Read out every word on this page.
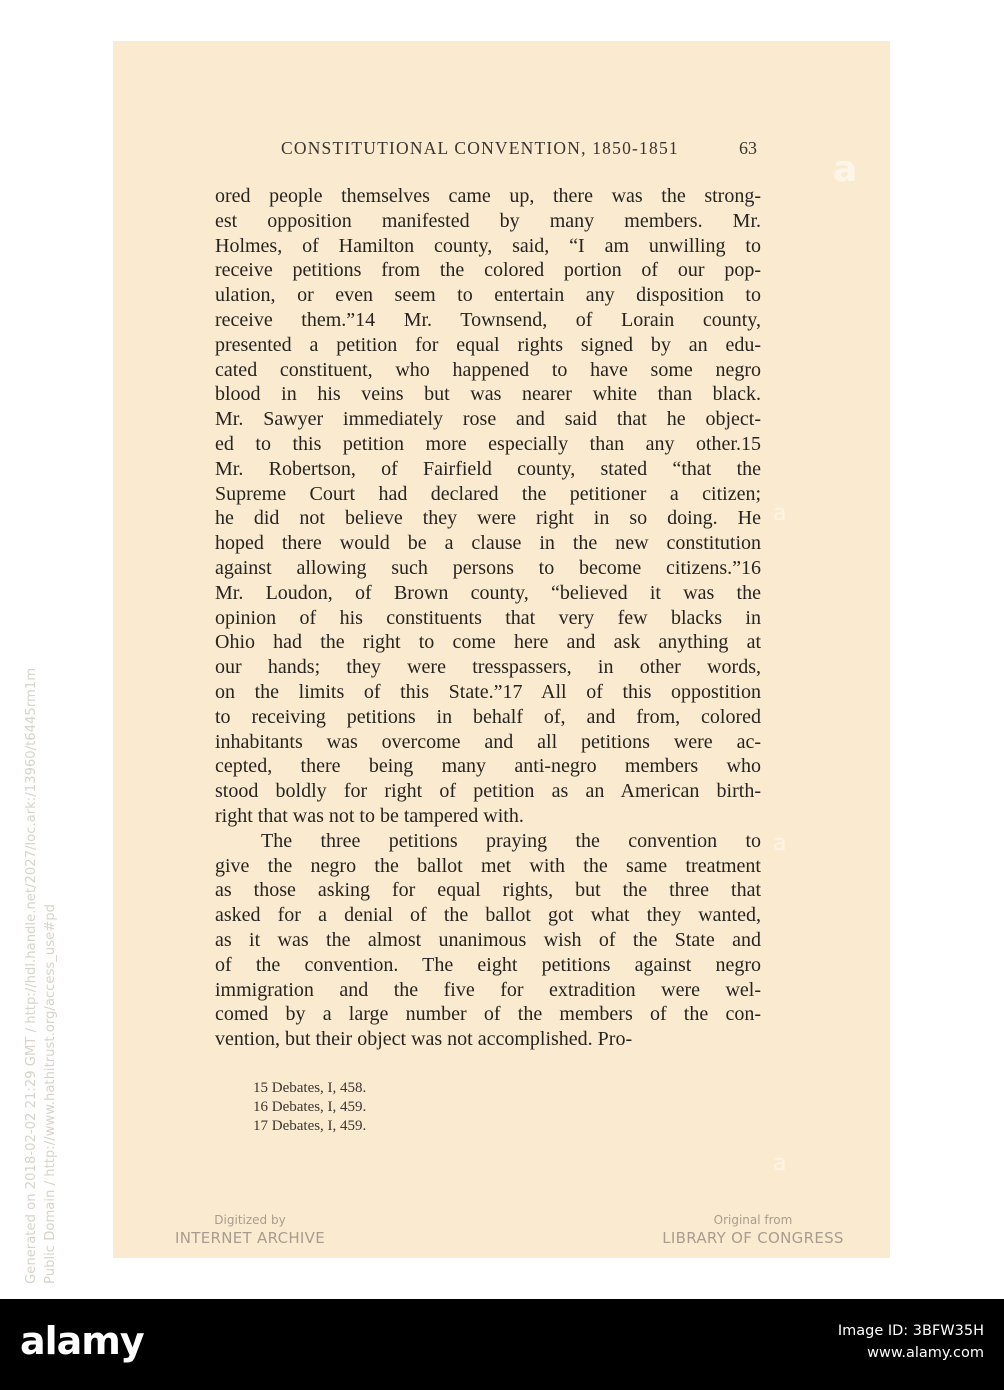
a
a
a
a
CONSTITUTIONAL CONVENTION, 1850-1851	63
ored people themselves came up, there was the strong-
est opposition manifested by many members. Mr.
Holmes, of Hamilton county, said, “I am unwilling to
receive petitions from the colored portion of our pop-
ulation, or even seem to entertain any disposition to
receive them.”14 Mr. Townsend, of Lorain county,
presented a petition for equal rights signed by an edu-
cated constituent, who happened to have some negro
blood in his veins but was nearer white than black.
Mr. Sawyer immediately rose and said that he object-
ed to this petition more especially than any other.15
Mr. Robertson, of Fairfield county, stated “that the
Supreme Court had declared the petitioner a citizen;
he did not believe they were right in so doing. He
hoped there would be a clause in the new constitution
against allowing such persons to become citizens.”16
Mr. Loudon, of Brown county, “believed it was the
opinion of his constituents that very few blacks in
Ohio had the right to come here and ask anything at
our hands; they were tresspassers, in other words,
on the limits of this State.”17 All of this oppostition
to receiving petitions in behalf of, and from, colored
inhabitants was overcome and all petitions were ac-
cepted, there being many anti-negro members who
stood boldly for right of petition as an American birth-
right that was not to be tampered with.
The three petitions praying the convention to
give the negro the ballot met with the same treatment
as those asking for equal rights, but the three that
asked for a denial of the ballot got what they wanted,
as it was the almost unanimous wish of the State and
of the convention. The eight petitions against negro
immigration and the five for extradition were wel-
comed by a large number of the members of the con-
vention, but their object was not accomplished. Pro-
15 Debates, I, 458.
16 Debates, I, 459.
17 Debates, I, 459.
Digitized by
INTERNET ARCHIVE
Original from
LIBRARY OF CONGRESS
Generated on 2018-02-02 21:29 GMT / http://hdl.handle.net/2027/loc.ark:/13960/t6445rm1m Public Domain / http://www.hathitrust.org/access_use#pd
alamy	Image ID: 3BFW35H
www.alamy.com
